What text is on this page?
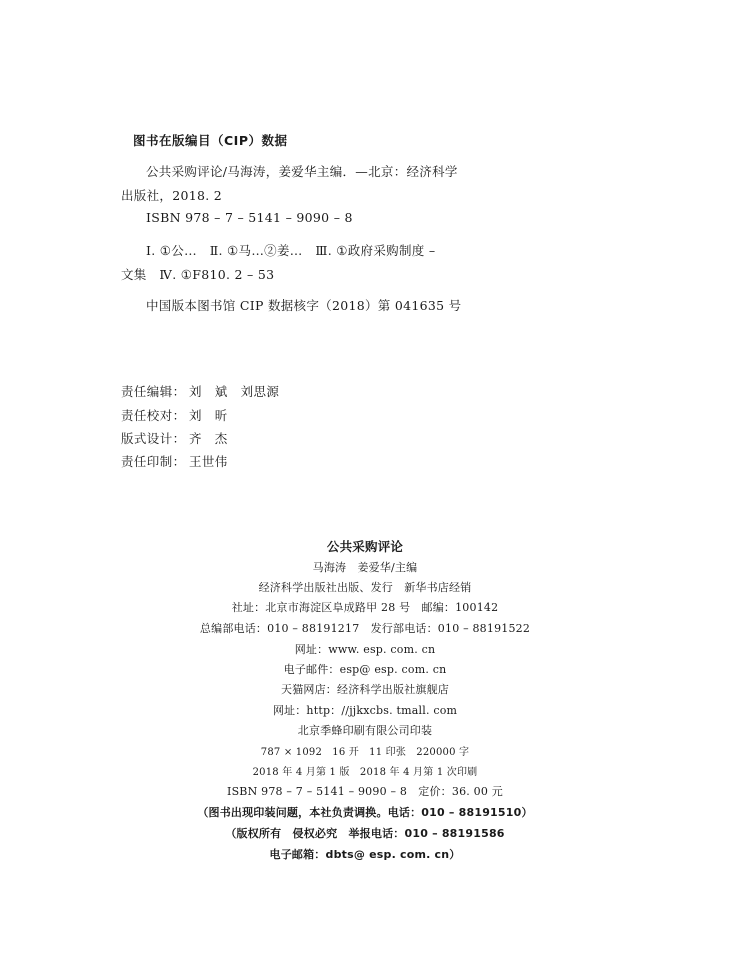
图书在版编目（CIP）数据
公共采购评论/马海涛，姜爱华主编．—北京：经济科学
出版社，2018. 2
ISBN 978 – 7 – 5141 – 9090 – 8
Ⅰ. ①公…　Ⅱ. ①马…②姜…　Ⅲ. ①政府采购制度 –
文集　Ⅳ. ①F810. 2 – 53
中国版本图书馆 CIP 数据核字（2018）第 041635 号
责任编辑： 刘　斌　刘思源
责任校对： 刘　昕
版式设计： 齐　杰
责任印制： 王世伟
公共采购评论
马海涛　姜爱华/主编
经济科学出版社出版、发行　新华书店经销
社址：北京市海淀区阜成路甲 28 号　邮编：100142
总编部电话：010 – 88191217　发行部电话：010 – 88191522
网址：www. esp. com. cn
电子邮件：esp@ esp. com. cn
天猫网店：经济科学出版社旗舰店
网址：http：//jjkxcbs. tmall. com
北京季蜂印刷有限公司印装
787 × 1092　16 开　11 印张　220000 字
2018 年 4 月第 1 版　2018 年 4 月第 1 次印刷
ISBN 978 – 7 – 5141 – 9090 – 8　定价：36. 00 元
（图书出现印装问题，本社负责调换。电话：010 – 88191510）
（版权所有　侵权必究　举报电话：010 – 88191586
电子邮箱：dbts@ esp. com. cn）
